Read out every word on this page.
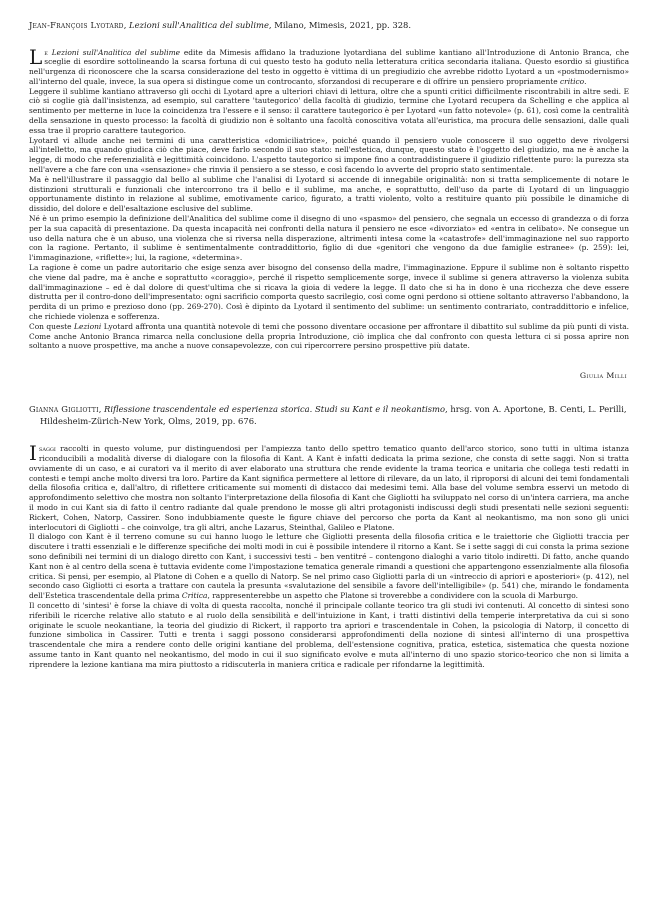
Jean-François Lyotard, Lezioni sull'Analitica del sublime, Milano, Mimesis, 2021, pp. 328.

Le Lezioni sull'Analitica del sublime edite da Mimesis affidano la traduzione lyotardiana del sublime kantiano all'Introduzione di Antonio Branca, che sceglie di esordire sottolineando la scarsa fortuna di cui questo testo ha goduto nella letteratura critica secondaria italiana. Questo esordio si giustifica nell'urgenza di riconoscere che la scarsa considerazione del testo in oggetto è vittima di un pregiudizio che avrebbe ridotto Lyotard a un «postmodernismo» all'interno del quale, invece, la sua opera si distingue come un controcanto, sforzandosi di recuperare e di offrire un pensiero propriamente critico.

Leggere il sublime kantiano attraverso gli occhi di Lyotard apre a ulteriori chiavi di lettura, oltre che a spunti critici difficilmente riscontrabili in altre sedi. E ciò si coglie già dall'insistenza, ad esempio, sul carattere 'tautegorico' della facoltà di giudizio, termine che Lyotard recupera da Schelling e che applica al sentimento per metterne in luce la coincidenza tra l'essere e il senso: il carattere tautegorico è per Lyotard «un fatto notevole» (p. 61), così come la centralità della sensazione in questo processo: la facoltà di giudizio non è soltanto una facoltà conoscitiva votata all'euristica, ma procura delle sensazioni, dalle quali essa trae il proprio carattere tautegorico.

Lyotard vi allude anche nei termini di una caratteristica «domiciliatrice», poiché quando il pensiero vuole conoscere il suo oggetto deve rivolgersi all'intelletto, ma quando giudica ciò che piace, deve farlo secondo il suo stato: nell'estetica, dunque, questo stato è l'oggetto del giudizio, ma ne è anche la legge, di modo che referenzialità e legittimità coincidono. L'aspetto tautegorico si impone fino a contraddistinguere il giudizio riflettente puro: la purezza sta nell'avere a che fare con una «sensazione» che rinvia il pensiero a se stesso, e così facendo lo avverte del proprio stato sentimentale.

Ma è nell'illustrare il passaggio dal bello al sublime che l'analisi di Lyotard si accende di innegabile originalità: non si tratta semplicemente di notare le distinzioni strutturali e funzionali che intercorrono tra il bello e il sublime, ma anche, e soprattutto, dell'uso da parte di Lyotard di un linguaggio opportunamente distinto in relazione al sublime, emotivamente carico, figurato, a tratti violento, volto a restituire quanto più possibile le dinamiche di dissidio, del dolore e dell'esaltazione esclusive del sublime.

Né è un primo esempio la definizione dell'Analitica del sublime come il disegno di uno «spasmo» del pensiero, che segnala un eccesso di grandezza o di forza per la sua capacità di presentazione. Da questa incapacità nei confronti della natura il pensiero ne esce «divorziato» ed «entra in celibato». Ne consegue un uso della natura che è un abuso, una violenza che si riversa nella disperazione, altrimenti intesa come la «catastrofe» dell'immaginazione nel suo rapporto con la ragione. Pertanto, il sublime è sentimentalmente contraddittorio, figlio di due «genitori che vengono da due famiglie estranee» (p. 259): lei, l'immaginazione, «riflette»; lui, la ragione, «determina».

La ragione è come un padre autoritario che esige senza aver bisogno del consenso della madre, l'immaginazione. Eppure il sublime non è soltanto rispetto che viene dal padre, ma è anche e soprattutto «coraggio», perché il rispetto semplicemente sorge, invece il sublime si genera attraverso la violenza subita dall'immaginazione – ed è dal dolore di quest'ultima che si ricava la gioia di vedere la legge. Il dato che si ha in dono è una ricchezza che deve essere distrutta per il contro-dono dell'impresentato: ogni sacrificio comporta questo sacrilegio, così come ogni perdono si ottiene soltanto attraverso l'abbandono, la perdita di un primo e prezioso dono (pp. 269-270). Così è dipinto da Lyotard il sentimento del sublime: un sentimento contrariato, contraddittorio e infelice, che richiede violenza e sofferenza.

Con queste Lezioni Lyotard affronta una quantità notevole di temi che possono diventare occasione per affrontare il dibattito sul sublime da più punti di vista. Come anche Antonio Branca rimarca nella conclusione della propria Introduzione, ciò implica che dal confronto con questa lettura ci si possa aprire non soltanto a nuove prospettive, ma anche a nuove consapevolezze, con cui ripercorrere persino prospettive più datate.

Giulia Milli

Gianna Gigliotti, Riflessione trascendentale ed esperienza storica. Studi su Kant e il neokantismo, hrsg. von A. Aportone, B. Centi, L. Perilli, Hildesheim-Zürich-New York, Olms, 2019, pp. 676.

I saggi raccolti in questo volume, pur distinguendosi per l'ampiezza tanto dello spettro tematico quanto dell'arco storico, sono tutti in ultima istanza riconducibili a modalità diverse di dialogare con la filosofia di Kant. A Kant è infatti dedicata la prima sezione, che consta di sette saggi. Non si tratta ovviamente di un caso, e ai curatori va il merito di aver elaborato una struttura che rende evidente la trama teorica e unitaria che collega testi redatti in contesti e tempi anche molto diversi tra loro. Partire da Kant significa permettere al lettore di rilevare, da un lato, il riproporsi di alcuni dei temi fondamentali della filosofia critica e, dall'altro, di riflettere criticamente sui momenti di distacco dai medesimi temi. Alla base del volume sembra esservi un metodo di approfondimento selettivo che mostra non soltanto l'interpretazione della filosofia di Kant che Gigliotti ha sviluppato nel corso di un'intera carriera, ma anche il modo in cui Kant sia di fatto il centro radiante dal quale prendono le mosse gli altri protagonisti indiscussi degli studi presentati nelle sezioni seguenti: Rickert, Cohen, Natorp, Cassirer. Sono indubbiamente queste le figure chiave del percorso che porta da Kant al neokantismo, ma non sono gli unici interlocutori di Gigliotti – che coinvolge, tra gli altri, anche Lazarus, Steinthal, Galileo e Platone.

Il dialogo con Kant è il terreno comune su cui hanno luogo le letture che Gigliotti presenta della filosofia critica e le traiettorie che Gigliotti traccia per discutere i tratti essenziali e le differenze specifiche dei molti modi in cui è possibile intendere il ritorno a Kant. Se i sette saggi di cui consta la prima sezione sono definibili nei termini di un dialogo diretto con Kant, i successivi testi – ben ventitré – contengono dialoghi a vario titolo indiretti. Di fatto, anche quando Kant non è al centro della scena è tuttavia evidente come l'impostazione tematica generale rimandi a questioni che appartengono essenzialmente alla filosofia critica. Si pensi, per esempio, al Platone di Cohen e a quello di Natorp. Se nel primo caso Gigliotti parla di un «intreccio di apriori e aposteriori» (p. 412), nel secondo caso Gigliotti ci esorta a trattare con cautela la presunta «svalutazione del sensibile a favore dell'intelligibile» (p. 541) che, mirando le fondamenta dell'Estetica trascendentale della prima Critica, rappresenterebbe un aspetto che Platone si troverebbe a condividere con la scuola di Marburgo.

Il concetto di 'sintesi' è forse la chiave di volta di questa raccolta, nonché il principale collante teorico tra gli studi ivi contenuti. Al concetto di sintesi sono riferibili le ricerche relative allo statuto e al ruolo della sensibilità e dell'intuizione in Kant, i tratti distintivi della temperie interpretativa da cui si sono originate le scuole neokantiane, la teoria del giudizio di Rickert, il rapporto tra apriori e trascendentale in Cohen, la psicologia di Natorp, il concetto di funzione simbolica in Cassirer. Tutti e trenta i saggi possono considerarsi approfondimenti della nozione di sintesi all'interno di una prospettiva trascendentale che mira a rendere conto delle origini kantiane del problema, dell'estensione cognitiva, pratica, estetica, sistematica che questa nozione assume tanto in Kant quanto nel neokantismo, del modo in cui il suo significato evolve e muta all'interno di uno spazio storico-teorico che non si limita a riprendere la lezione kantiana ma mira piuttosto a ridiscuterla in maniera critica e radicale per rifondarne la legittimità.
